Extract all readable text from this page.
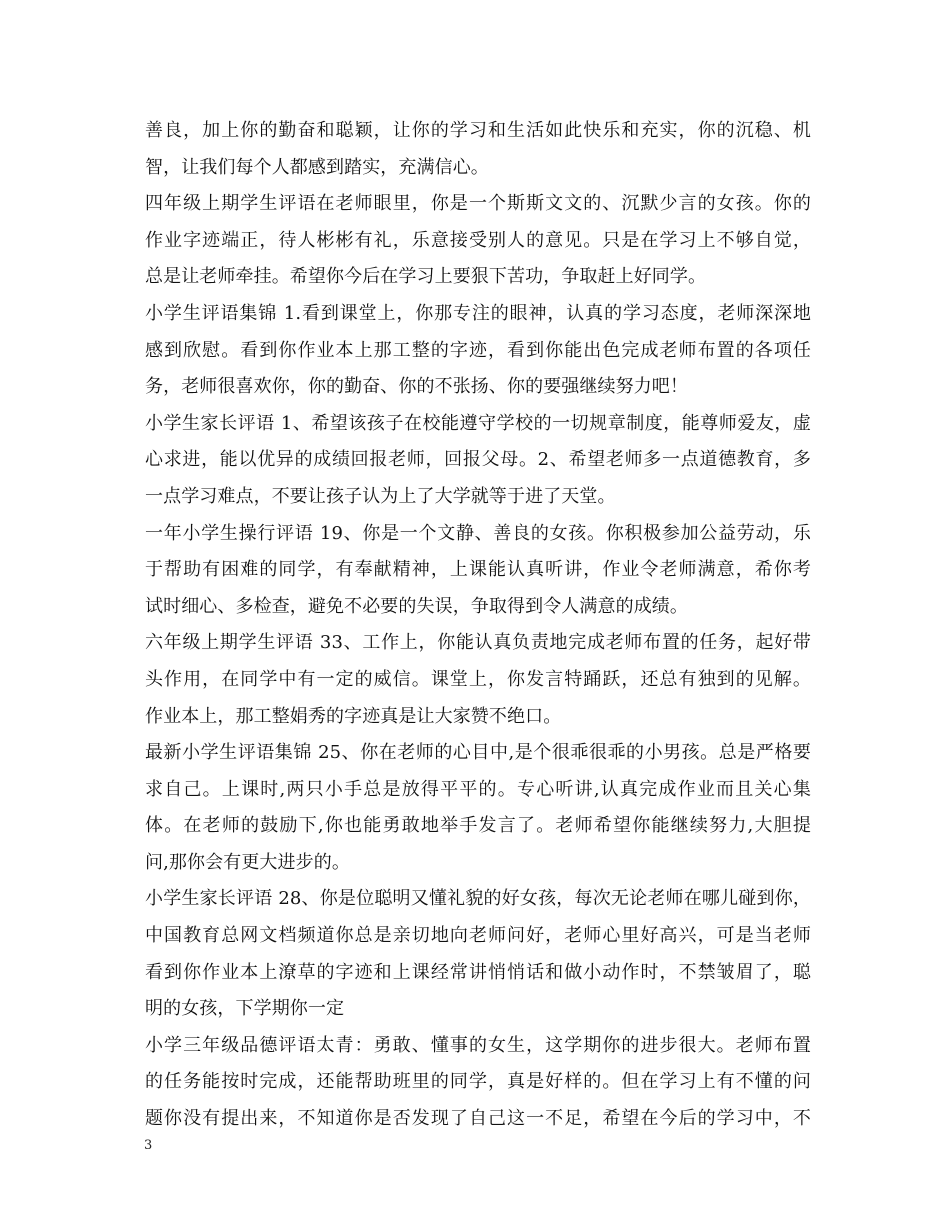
善良，加上你的勤奋和聪颖，让你的学习和生活如此快乐和充实，你的沉稳、机
智，让我们每个人都感到踏实，充满信心。
四年级上期学生评语在老师眼里，你是一个斯斯文文的、沉默少言的女孩。你的
作业字迹端正，待人彬彬有礼，乐意接受别人的意见。只是在学习上不够自觉，
总是让老师牵挂。希望你今后在学习上要狠下苦功，争取赶上好同学。
小学生评语集锦 1.看到课堂上，你那专注的眼神，认真的学习态度，老师深深地
感到欣慰。看到你作业本上那工整的字迹，看到你能出色完成老师布置的各项任
务，老师很喜欢你，你的勤奋、你的不张扬、你的要强继续努力吧！
小学生家长评语 1、希望该孩子在校能遵守学校的一切规章制度，能尊师爱友，虚
心求进，能以优异的成绩回报老师，回报父母。2、希望老师多一点道德教育，多
一点学习难点，不要让孩子认为上了大学就等于进了天堂。
一年小学生操行评语 19、你是一个文静、善良的女孩。你积极参加公益劳动，乐
于帮助有困难的同学，有奉献精神，上课能认真听讲，作业令老师满意，希你考
试时细心、多检查，避免不必要的失误，争取得到令人满意的成绩。
六年级上期学生评语 33、工作上，你能认真负责地完成老师布置的任务，起好带
头作用，在同学中有一定的威信。课堂上，你发言特踊跃，还总有独到的见解。
作业本上，那工整娟秀的字迹真是让大家赞不绝口。
最新小学生评语集锦 25、你在老师的心目中,是个很乖很乖的小男孩。总是严格要
求自己。上课时,两只小手总是放得平平的。专心听讲,认真完成作业而且关心集
体。在老师的鼓励下,你也能勇敢地举手发言了。老师希望你能继续努力,大胆提
问,那你会有更大进步的。
小学生家长评语 28、你是位聪明又懂礼貌的好女孩，每次无论老师在哪儿碰到你，
中国教育总网文档频道你总是亲切地向老师问好，老师心里好高兴，可是当老师
看到你作业本上潦草的字迹和上课经常讲悄悄话和做小动作时，不禁皱眉了，聪
明的女孩，下学期你一定
小学三年级品德评语太青：勇敢、懂事的女生，这学期你的进步很大。老师布置
的任务能按时完成，还能帮助班里的同学，真是好样的。但在学习上有不懂的问
题你没有提出来，不知道你是否发现了自己这一不足，希望在今后的学习中，不
3
